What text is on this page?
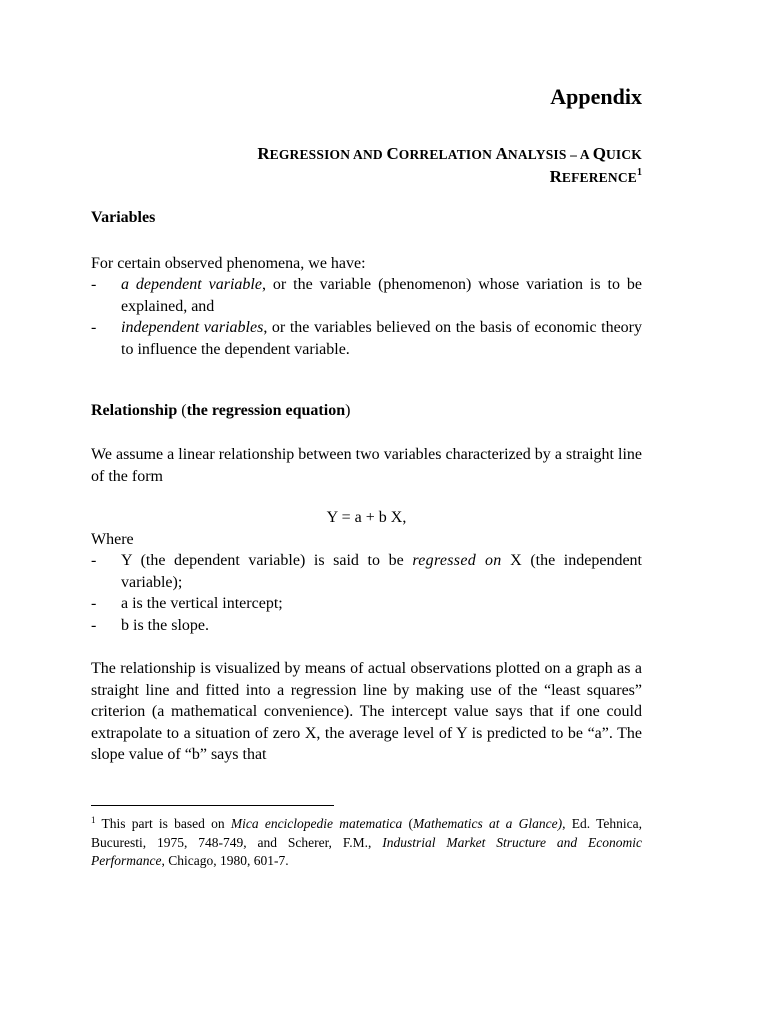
Appendix
REGRESSION AND CORRELATION ANALYSIS – A QUICK
REFERENCE$^1$
Variables

For certain observed phenomena, we have:

- a dependent variable, or the variable (phenomenon) whose variation is to be explained, and
- independent variables, or the variables believed on the basis of economic theory to influence the dependent variable.
Relationship (the regression equation)

We assume a linear relationship between two variables characterized by a straight line of the form

Y = a + b X,

Where

- Y (the dependent variable) is said to be regressed on X (the independent variable);
- a is the vertical intercept;
- b is the slope.

The relationship is visualized by means of actual observations plotted on a graph as a straight line and fitted into a regression line by making use of the “least squares” criterion (a mathematical convenience). The intercept value says that if one could extrapolate to a situation of zero X, the average level of Y is predicted to be “a”. The slope value of “b” says that

$^1$ This part is based on Mica enciclopedie matematica (Mathematics at a Glance), Ed. Tehnica, Bucuresti, 1975, 748-749, and Scherer, F.M., Industrial Market Structure and Economic Performance, Chicago, 1980, 601-7.
